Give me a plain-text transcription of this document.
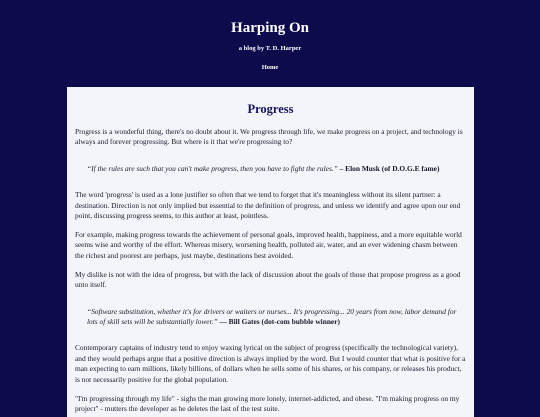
Harping On
a blog by T. D. Harper
Home
Progress

Progress is a wonderful thing, there's no doubt about it. We progress through life, we make progress on a project, and technology is always and forever progressing. But where is it that we're progressing to?

“If the rules are such that you can't make progress, then you have to fight the rules.” – Elon Musk (of D.O.G.E fame)

The word 'progress' is used as a lone justifier so often that we tend to forget that it's meaningless without its silent partner: a destination. Direction is not only implied but essential to the definition of progress, and unless we identify and agree upon our end point, discussing progress seems, to this author at least, pointless.

For example, making progress towards the achievement of personal goals, improved health, happiness, and a more equitable world seems wise and worthy of the effort. Whereas misery, worsening health, polluted air, water, and an ever widening chasm between the richest and poorest are perhaps, just maybe, destinations best avoided.

My dislike is not with the idea of progress, but with the lack of discussion about the goals of those that propose progress as a good unto itself.

“Software substitution, whether it's for drivers or waiters or nurses... It's progressing... 20 years from now, labor demand for lots of skill sets will be substantially lower.” — Bill Gates (dot-com bubble winner)

Contemporary captains of industry tend to enjoy waxing lyrical on the subject of progress (specifically the technological variety), and they would perhaps argue that a positive direction is always implied by the word. But I would counter that what is positive for a man expecting to earn millions, likely billions, of dollars when he sells some of his shares, or his company, or releases his product, is not necessarily positive for the global population.

"I'm progressing through my life" - sighs the man growing more lonely, internet-addicted, and obese. "I'm making progress on my project" - mutters the developer as he deletes the last of the test suite.
